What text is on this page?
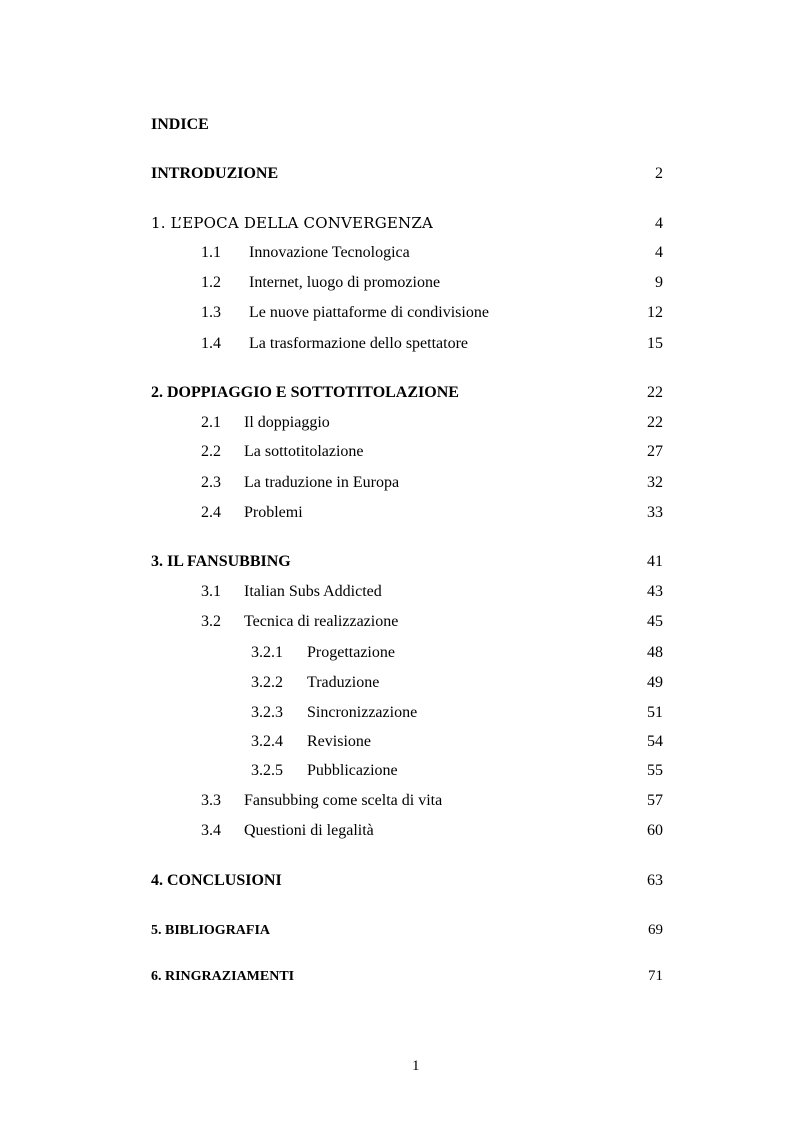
INDICE
INTRODUZIONE	2
1. L’EPOCA DELLA CONVERGENZA	4
1.1 Innovazione Tecnologica	4
1.2 Internet, luogo di promozione	9
1.3 Le nuove piattaforme di condivisione	12
1.4 La trasformazione dello spettatore	15
2. DOPPIAGGIO E SOTTOTITOLAZIONE	22
2.1 Il doppiaggio	22
2.2 La sottotitolazione	27
2.3 La traduzione in Europa	32
2.4 Problemi	33
3. IL FANSUBBING	41
3.1 Italian Subs Addicted	43
3.2 Tecnica di realizzazione	45
3.2.1 Progettazione	48
3.2.2 Traduzione	49
3.2.3 Sincronizzazione	51
3.2.4 Revisione	54
3.2.5 Pubblicazione	55
3.3 Fansubbing come scelta di vita	57
3.4 Questioni di legalità	60
4. CONCLUSIONI	63
5. BIBLIOGRAFIA	69
6. RINGRAZIAMENTI	71
1
